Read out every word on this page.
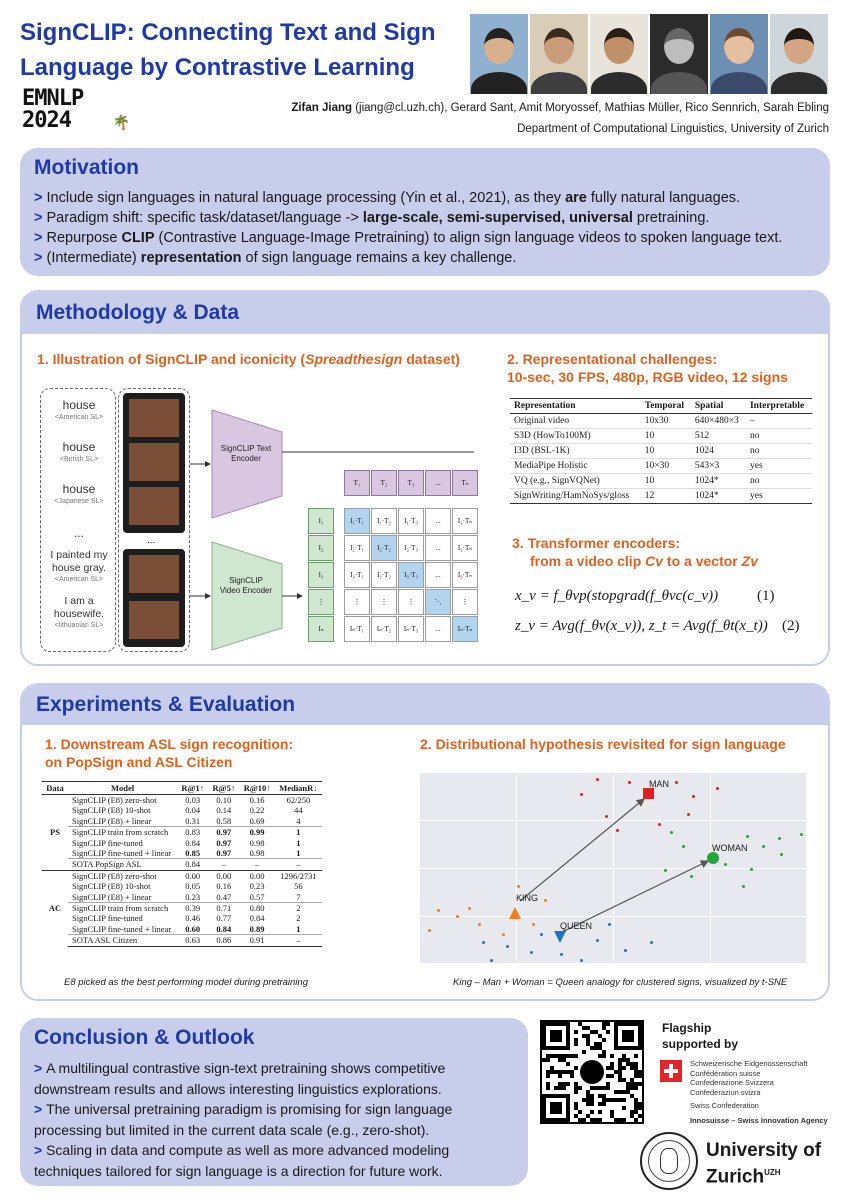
SignCLIP: Connecting Text and Sign Language by Contrastive Learning
EMNLP
2024	🌴
Zifan Jiang (jiang@cl.uzh.ch), Gerard Sant, Amit Moryossef, Mathias Müller, Rico Sennrich, Sarah Ebling
Department of Computational Linguistics, University of Zurich
Motivation
> Include sign languages in natural language processing (Yin et al., 2021), as they are fully natural languages.
> Paradigm shift: specific task/dataset/language -> large-scale, semi-supervised, universal pretraining.
> Repurpose CLIP (Contrastive Language-Image Pretraining) to align sign language videos to spoken language text.
> (Intermediate) representation of sign language remains a key challenge.
Methodology & Data
1. Illustration of SignCLIP and iconicity (Spreadthesign dataset)
house
<American SL>
house
<British SL>
house
<Japanese SL>
...
I painted my house gray.
<American SL>
I am a housewife.
<lithuanian SL>
...
SignCLIP Text Encoder
SignCLIP Video Encoder
2. Representational challenges:
10-sec, 30 FPS, 480p, RGB video, 12 signs
Representation	Temporal	Spatial	Interpretable
Original video	10x30	640×480×3	–
S3D (HowTo100M)	10	512	no
I3D (BSL-1K)	10	1024	no
MediaPipe Holistic	10×30	543×3	yes
VQ (e.g., SignVQNet)	10	1024*	no
SignWriting/HamNoSys/gloss	12	1024*	yes
3. Transformer encoders:
from a video clip Cv to a vector Zv
x_v = f_θvp(stopgrad(f_θvc(c_v))	(1)
z_v = Avg(f_θv(x_v)), z_t = Avg(f_θt(x_t)) (2)
T₁	T₂	T₃	...	Tₙ
I₁
I₂
I₃
⋮
Iₙ
I₁·T₁	I₁·T₂	I₁·T₃	...	I₁·Tₙ
I₂·T₁	I₂·T₂	I₂·T₃	...	I₂·Tₙ
I₃·T₁	I₃·T₂	I₃·T₃	...	I₃·Tₙ
⋮	⋮	⋮	⋱	⋮
Iₙ·T₁	Iₙ·T₂	Iₙ·T₃	...	Iₙ·Tₙ
Experiments & Evaluation
1. Downstream ASL sign recognition:
on PopSign and ASL Citizen
Data	Model	R@1↑	R@5↑	R@10↑	MedianR↓
PS	SignCLIP (E8) zero-shot	0.03	0.10	0.16	62/250
	SignCLIP (E8) 10-shot	0.04	0.14	0.22	44
	SignCLIP (E8) + linear	0.31	0.58	0.69	4
	SignCLIP train from scratch	0.83	0.97	0.99	1
	SignCLIP fine-tuned	0.84	0.97	0.98	1
	SignCLIP fine-tuned + linear	0.85	0.97	0.98	1
	SOTA PopSign ASL	0.84	–	–	–
AC	SignCLIP (E8) zero-shot	0.00	0.00	0.00	1296/2731
	SignCLIP (E8) 10-shot	0.05	0.16	0.23	56
	SignCLIP (E8) + linear	0.23	0.47	0.57	7
	SignCLIP train from scratch	0.39	0.71	0.80	2
	SignCLIP fine-tuned	0.46	0.77	0.84	2
	SignCLIP fine-tuned + linear	0.60	0.84	0.89	1
	SOTA ASL Citizen	0.63	0.86	0.91	–
E8 picked as the best performing model during pretraining
2. Distributional hypothesis revisited for sign language
King – Man + Woman = Queen analogy for clustered signs, visualized by t-SNE
MAN
WOMAN
KING
QUEEN
Conclusion & Outlook
> A multilingual contrastive sign-text pretraining shows competitive downstream results and allows interesting linguistics explorations.
> The universal pretraining paradigm is promising for sign language processing but limited in the current data scale (e.g., zero-shot).
> Scaling in data and compute as well as more advanced modeling techniques tailored for sign language is a direction for future work.
Flagship supported by
Schweizerische Eidgenossenschaft
Confédération suisse
Confederazione Svizzera
Confederaziun svizra
Swiss Confederation
Innosuisse – Swiss Innovation Agency
University of
Zurich$^{UZH}$
